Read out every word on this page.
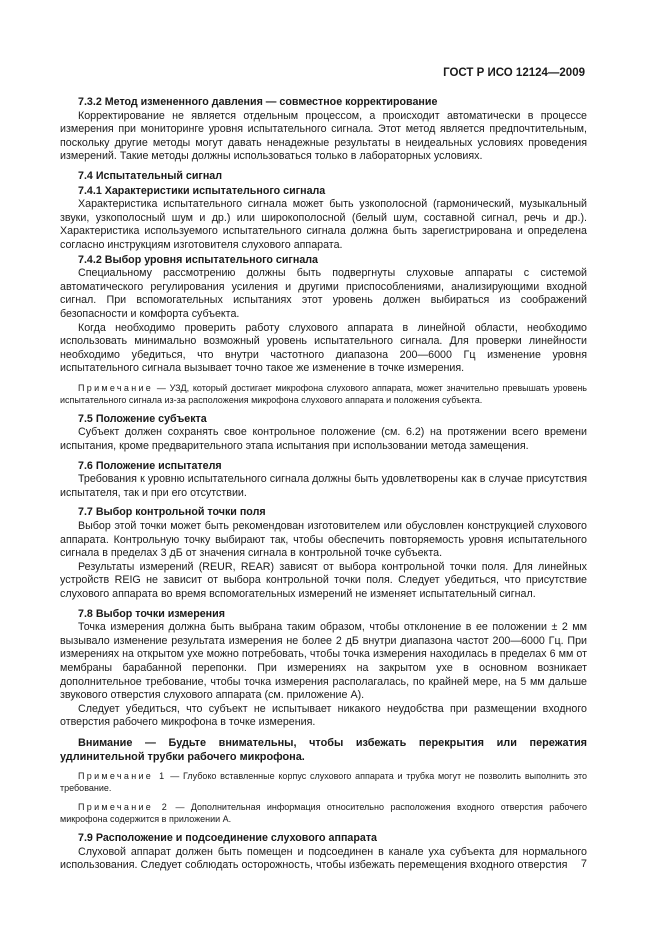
ГОСТ Р ИСО 12124—2009

7.3.2 Метод измененного давления — совместное корректирование

Корректирование не является отдельным процессом, а происходит автоматически в процессе измерения при мониторинге уровня испытательного сигнала. Этот метод является предпочтительным, поскольку другие методы могут давать ненадежные результаты в неидеальных условиях проведения измерений. Такие методы должны использоваться только в лабораторных условиях.

7.4 Испытательный сигнал

7.4.1 Характеристики испытательного сигнала

Характеристика испытательного сигнала может быть узкополосной (гармонический, музыкальный звуки, узкополосный шум и др.) или широкополосной (белый шум, составной сигнал, речь и др.). Характеристика используемого испытательного сигнала должна быть зарегистрирована и определена согласно инструкциям изготовителя слухового аппарата.

7.4.2 Выбор уровня испытательного сигнала

Специальному рассмотрению должны быть подвергнуты слуховые аппараты с системой автоматического регулирования усиления и другими приспособлениями, анализирующими входной сигнал. При вспомогательных испытаниях этот уровень должен выбираться из соображений безопасности и комфорта субъекта.

Когда необходимо проверить работу слухового аппарата в линейной области, необходимо использовать минимально возможный уровень испытательного сигнала. Для проверки линейности необходимо убедиться, что внутри частотного диапазона 200—6000 Гц изменение уровня испытательного сигнала вызывает точно такое же изменение в точке измерения.

Примечание — УЗД, который достигает микрофона слухового аппарата, может значительно превышать уровень испытательного сигнала из-за расположения микрофона слухового аппарата и положения субъекта.

7.5 Положение субъекта

Субъект должен сохранять свое контрольное положение (см. 6.2) на протяжении всего времени испытания, кроме предварительного этапа испытания при использовании метода замещения.

7.6 Положение испытателя

Требования к уровню испытательного сигнала должны быть удовлетворены как в случае присутствия испытателя, так и при его отсутствии.

7.7 Выбор контрольной точки поля

Выбор этой точки может быть рекомендован изготовителем или обусловлен конструкцией слухового аппарата. Контрольную точку выбирают так, чтобы обеспечить повторяемость уровня испытательного сигнала в пределах 3 дБ от значения сигнала в контрольной точке субъекта.

Результаты измерений (REUR, REAR) зависят от выбора контрольной точки поля. Для линейных устройств REIG не зависит от выбора контрольной точки поля. Следует убедиться, что присутствие слухового аппарата во время вспомогательных измерений не изменяет испытательный сигнал.

7.8 Выбор точки измерения

Точка измерения должна быть выбрана таким образом, чтобы отклонение в ее положении ± 2 мм вызывало изменение результата измерения не более 2 дБ внутри диапазона частот 200—6000 Гц. При измерениях на открытом ухе можно потребовать, чтобы точка измерения находилась в пределах 6 мм от мембраны барабанной перепонки. При измерениях на закрытом ухе в основном возникает дополнительное требование, чтобы точка измерения располагалась, по крайней мере, на 5 мм дальше звукового отверстия слухового аппарата (см. приложение А).

Следует убедиться, что субъект не испытывает никакого неудобства при размещении входного отверстия рабочего микрофона в точке измерения.

Внимание — Будьте внимательны, чтобы избежать перекрытия или пережатия удлинительной трубки рабочего микрофона.

Примечание 1 — Глубоко вставленные корпус слухового аппарата и трубка могут не позволить выполнить это требование.

Примечание 2 — Дополнительная информация относительно расположения входного отверстия рабочего микрофона содержится в приложении А.

7.9 Расположение и подсоединение слухового аппарата

Слуховой аппарат должен быть помещен и подсоединен в канале уха субъекта для нормального использования. Следует соблюдать осторожность, чтобы избежать перемещения входного отверстия	7
